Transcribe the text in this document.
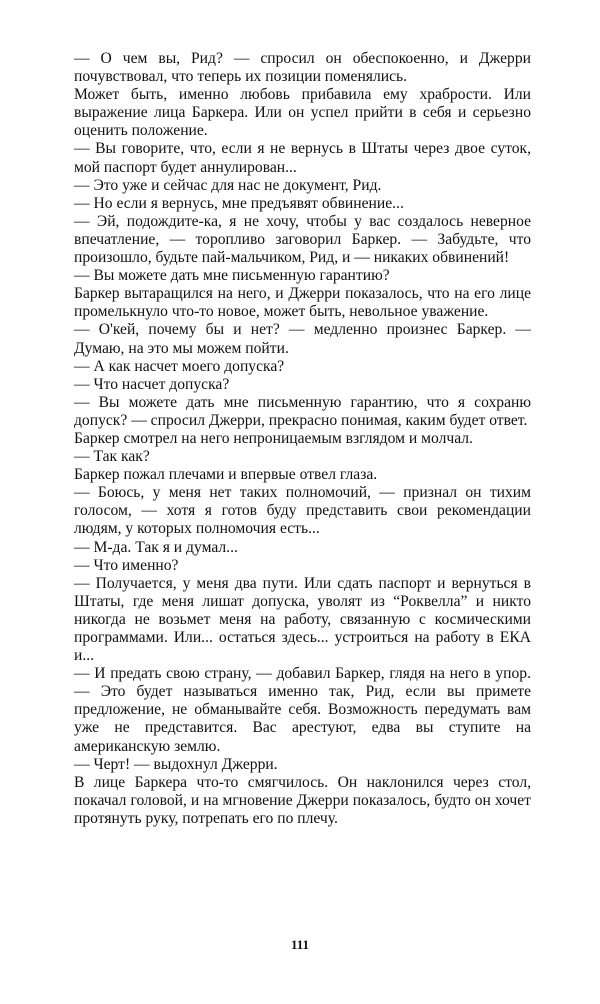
— О чем вы, Рид? — спросил он обеспокоенно, и Джерри почувствовал, что теперь их позиции поменялись.

Может быть, именно любовь прибавила ему храбрости. Или выражение лица Баркера. Или он успел прийти в себя и серьезно оценить положение.

— Вы говорите, что, если я не вернусь в Штаты через двое суток, мой паспорт будет аннулирован...

— Это уже и сейчас для нас не документ, Рид.

— Но если я вернусь, мне предъявят обвинение...

— Эй, подождите-ка, я не хочу, чтобы у вас создалось неверное впечатление, — торопливо заговорил Баркер. — Забудьте, что произошло, будьте пай-мальчиком, Рид, и — никаких обвинений!

— Вы можете дать мне письменную гарантию?

Баркер вытаращился на него, и Джерри показалось, что на его лице промелькнуло что-то новое, может быть, невольное уважение.

— О'кей, почему бы и нет? — медленно произнес Баркер. — Думаю, на это мы можем пойти.

— А как насчет моего допуска?

— Что насчет допуска?

— Вы можете дать мне письменную гарантию, что я сохраню допуск? — спросил Джерри, прекрасно понимая, каким будет ответ.

Баркер смотрел на него непроницаемым взглядом и молчал.

— Так как?

Баркер пожал плечами и впервые отвел глаза.

— Боюсь, у меня нет таких полномочий, — признал он тихим голосом, — хотя я готов буду представить свои рекомендации людям, у которых полномочия есть...

— М-да. Так я и думал...

— Что именно?

— Получается, у меня два пути. Или сдать паспорт и вернуться в Штаты, где меня лишат допуска, уволят из “Роквелла” и никто никогда не возьмет меня на работу, связанную с космическими программами. Или... остаться здесь... устроиться на работу в ЕКА и...

— И предать свою страну, — добавил Баркер, глядя на него в упор. — Это будет называться именно так, Рид, если вы примете предложение, не обманывайте себя. Возможность передумать вам уже не представится. Вас арестуют, едва вы ступите на американскую землю.

— Черт! — выдохнул Джерри.

В лице Баркера что-то смягчилось. Он наклонился через стол, покачал головой, и на мгновение Джерри показалось, будто он хочет протянуть руку, потрепать его по плечу.

111
